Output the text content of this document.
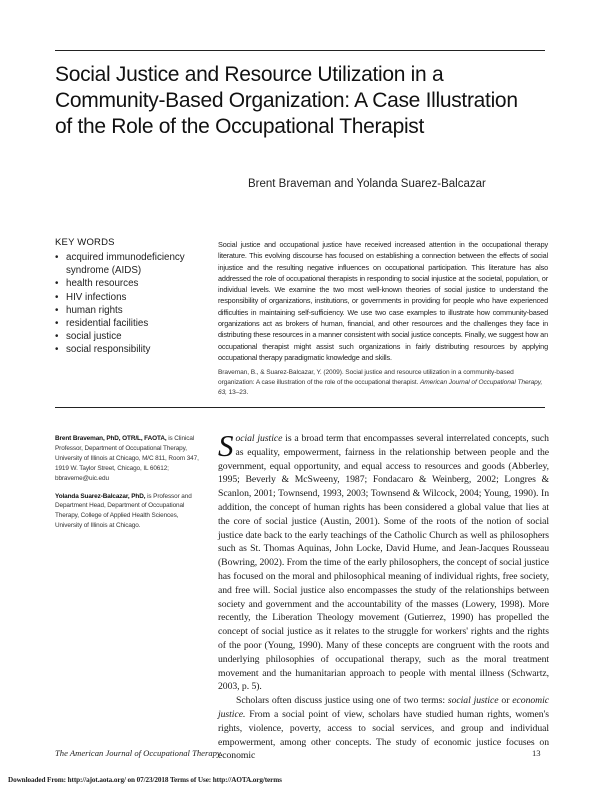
Social Justice and Resource Utilization in a
Community-Based Organization: A Case Illustration
of the Role of the Occupational Therapist
Brent Braveman and Yolanda Suarez-Balcazar
KEY WORDS
• acquired immunodeficiency syndrome (AIDS)
• health resources
• HIV infections
• human rights
• residential facilities
• social justice
• social responsibility
Social justice and occupational justice have received increased attention in the occupational therapy literature. This evolving discourse has focused on establishing a connection between the effects of social injustice and the resulting negative influences on occupational participation. This literature has also addressed the role of occupational therapists in responding to social injustice at the societal, population, or individual levels. We examine the two most well-known theories of social justice to understand the responsibility of organizations, institutions, or governments in providing for people who have experienced difficulties in maintaining self-sufficiency. We use two case examples to illustrate how community-based organizations act as brokers of human, financial, and other resources and the challenges they face in distributing these resources in a manner consistent with social justice concepts. Finally, we suggest how an occupational therapist might assist such organizations in fairly distributing resources by applying occupational therapy paradigmatic knowledge and skills.
Braveman, B., & Suarez-Balcazar, Y. (2009). Social justice and resource utilization in a community-based organization: A case illustration of the role of the occupational therapist. American Journal of Occupational Therapy, 63, 13–23.

Brent Braveman, PhD, OTR/L, FAOTA, is Clinical Professor, Department of Occupational Therapy, University of Illinois at Chicago, M/C 811, Room 347, 1919 W. Taylor Street, Chicago, IL 60612; bbraveme@uic.edu

Yolanda Suarez-Balcazar, PhD, is Professor and Department Head, Department of Occupational Therapy, College of Applied Health Sciences, University of Illinois at Chicago.

Social justice is a broad term that encompasses several interrelated concepts, such as equality, empowerment, fairness in the relationship between people and the government, equal opportunity, and equal access to resources and goods (Abberley, 1995; Beverly & McSweeny, 1987; Fondacaro & Weinberg, 2002; Longres & Scanlon, 2001; Townsend, 1993, 2003; Townsend & Wilcock, 2004; Young, 1990). In addition, the concept of human rights has been considered a global value that lies at the core of social justice (Austin, 2001). Some of the roots of the notion of social justice date back to the early teachings of the Catholic Church as well as philosophers such as St. Thomas Aquinas, John Locke, David Hume, and Jean-Jacques Rousseau (Bowring, 2002). From the time of the early philosophers, the concept of social justice has focused on the moral and philosophical meaning of individual rights, free society, and free will. Social justice also encompasses the study of the relationships between society and government and the accountability of the masses (Lowery, 1998). More recently, the Liberation Theology movement (Gutierrez, 1990) has propelled the concept of social justice as it relates to the struggle for workers' rights and the rights of the poor (Young, 1990). Many of these concepts are congruent with the roots and underlying philosophies of occupational therapy, such as the moral treatment movement and the humanitarian approach to people with mental illness (Schwartz, 2003, p. 5).

Scholars often discuss justice using one of two terms: social justice or economic justice. From a social point of view, scholars have studied human rights, women's rights, violence, poverty, access to social services, and group and individual empowerment, among other concepts. The study of economic justice focuses on economic

The American Journal of Occupational Therapy	13
Downloaded From: http://ajot.aota.org/ on 07/23/2018 Terms of Use: http://AOTA.org/terms
